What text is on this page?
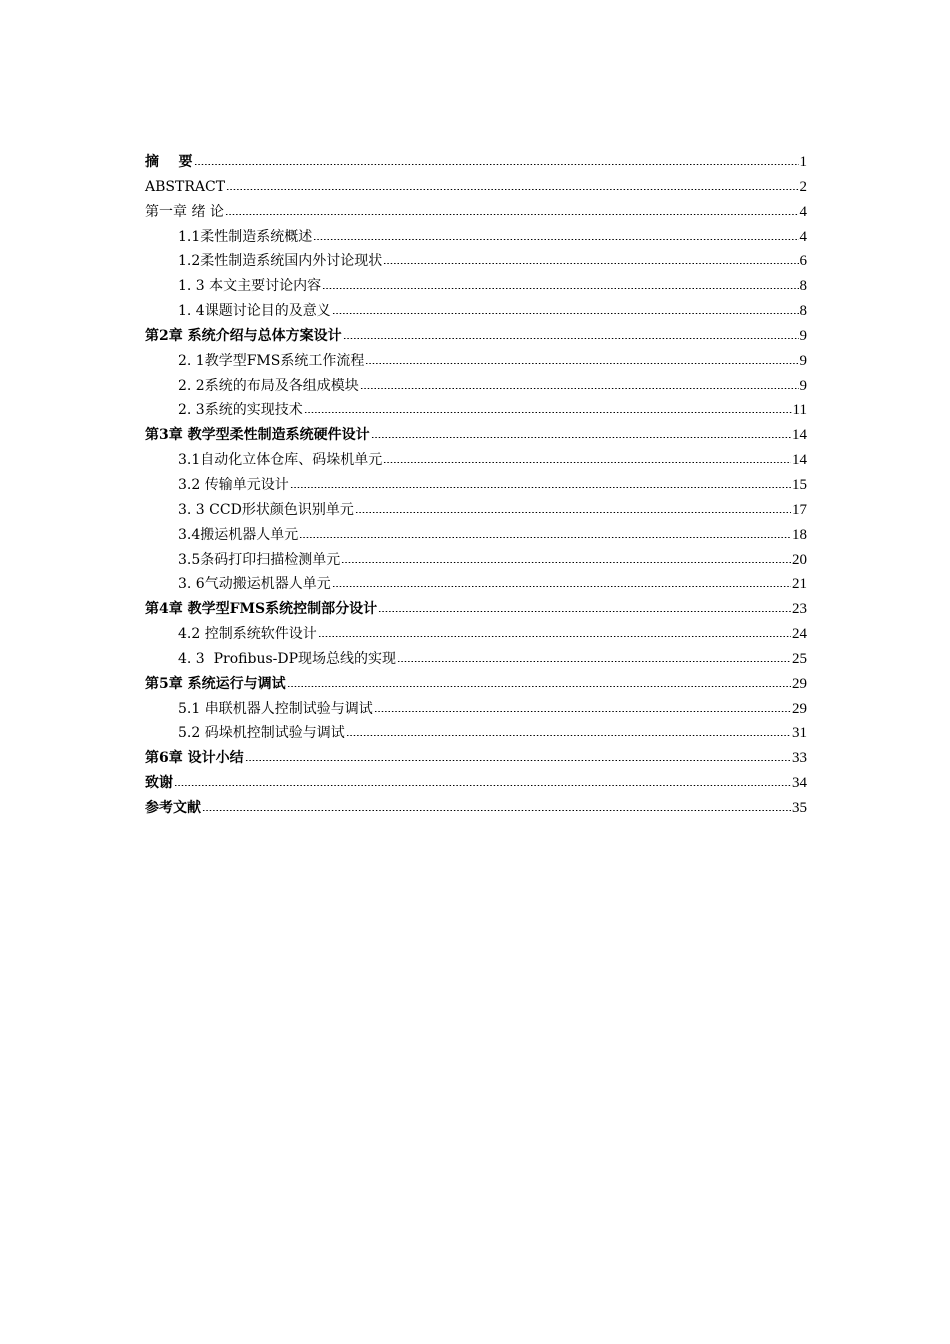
摘    要	1
ABSTRACT	2
第一章 绪 论	4
1.1柔性制造系统概述	4
1.2柔性制造系统国内外讨论现状	6
1. 3 本文主要讨论内容	8
1. 4课题讨论目的及意义	8
第2章 系统介绍与总体方案设计	9
2. 1教学型FMS系统工作流程	9
2. 2系统的布局及各组成模块	9
2. 3系统的实现技术	11
第3章 教学型柔性制造系统硬件设计	14
3.1自动化立体仓库、码垛机单元	14
3.2 传输单元设计	15
3. 3 CCD形状颜色识别单元	17
3.4搬运机器人单元	18
3.5条码打印扫描检测单元	20
3. 6气动搬运机器人单元	21
第4章 教学型FMS系统控制部分设计	23
4.2 控制系统软件设计	24
4. 3  Profibus-DP现场总线的实现	25
第5章 系统运行与调试	29
5.1 串联机器人控制试验与调试	29
5.2 码垛机控制试验与调试	31
第6章 设计小结	33
致谢	34
参考文献	35
